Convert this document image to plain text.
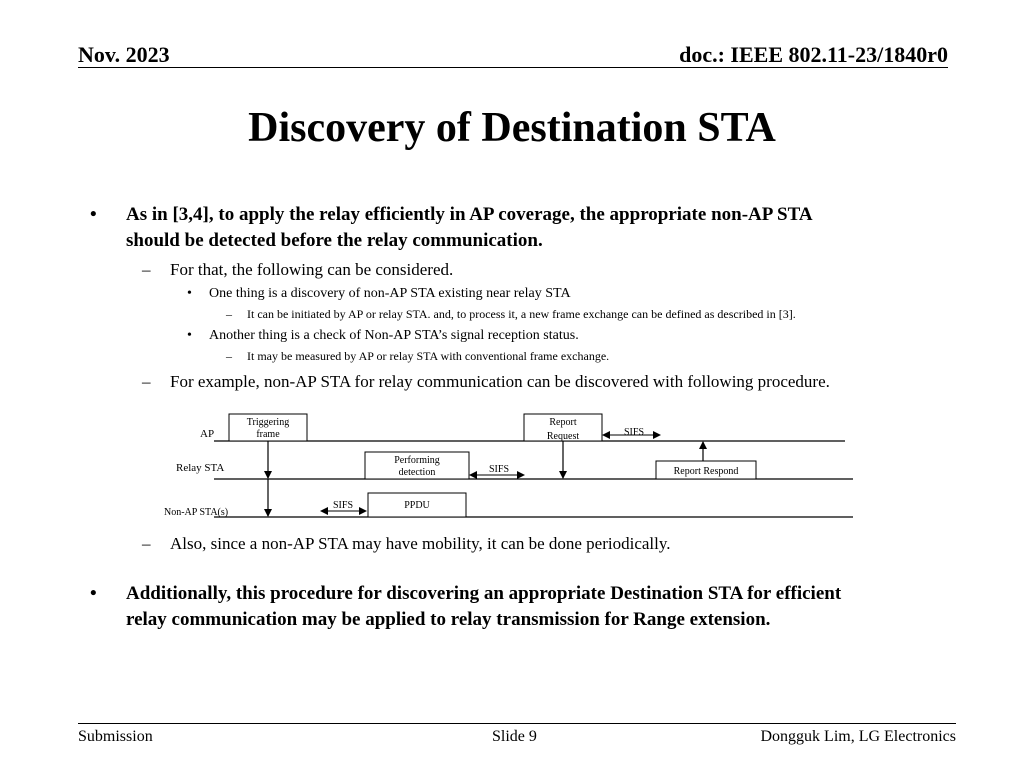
Nov. 2023	doc.: IEEE 802.11-23/1840r0
Discovery of Destination STA
• As in [3,4], to apply the relay efficiently in AP coverage, the appropriate non-AP STA
should be detected before the relay communication.
– For that, the following can be considered.
• One thing is a discovery of non-AP STA existing near relay STA
– It can be initiated by AP or relay STA. and, to process it, a new frame exchange can be defined as described in [3].
• Another thing is a check of Non-AP STA’s signal reception status.
– It may be measured by AP or relay STA with conventional frame exchange.
– For example, non-AP STA for relay communication can be discovered with following procedure.
AP
Relay STA
Non-AP STA(s)
Triggering
frame
Performing
detection
PPDU
SIFS
SIFS
Report
Request	SIFS
Report Respond
– Also, since a non-AP STA may have mobility, it can be done periodically.
• Additionally, this procedure for discovering an appropriate Destination STA for efficient
relay communication may be applied to relay transmission for Range extension.
Submission	Slide 9	Dongguk Lim, LG Electronics
